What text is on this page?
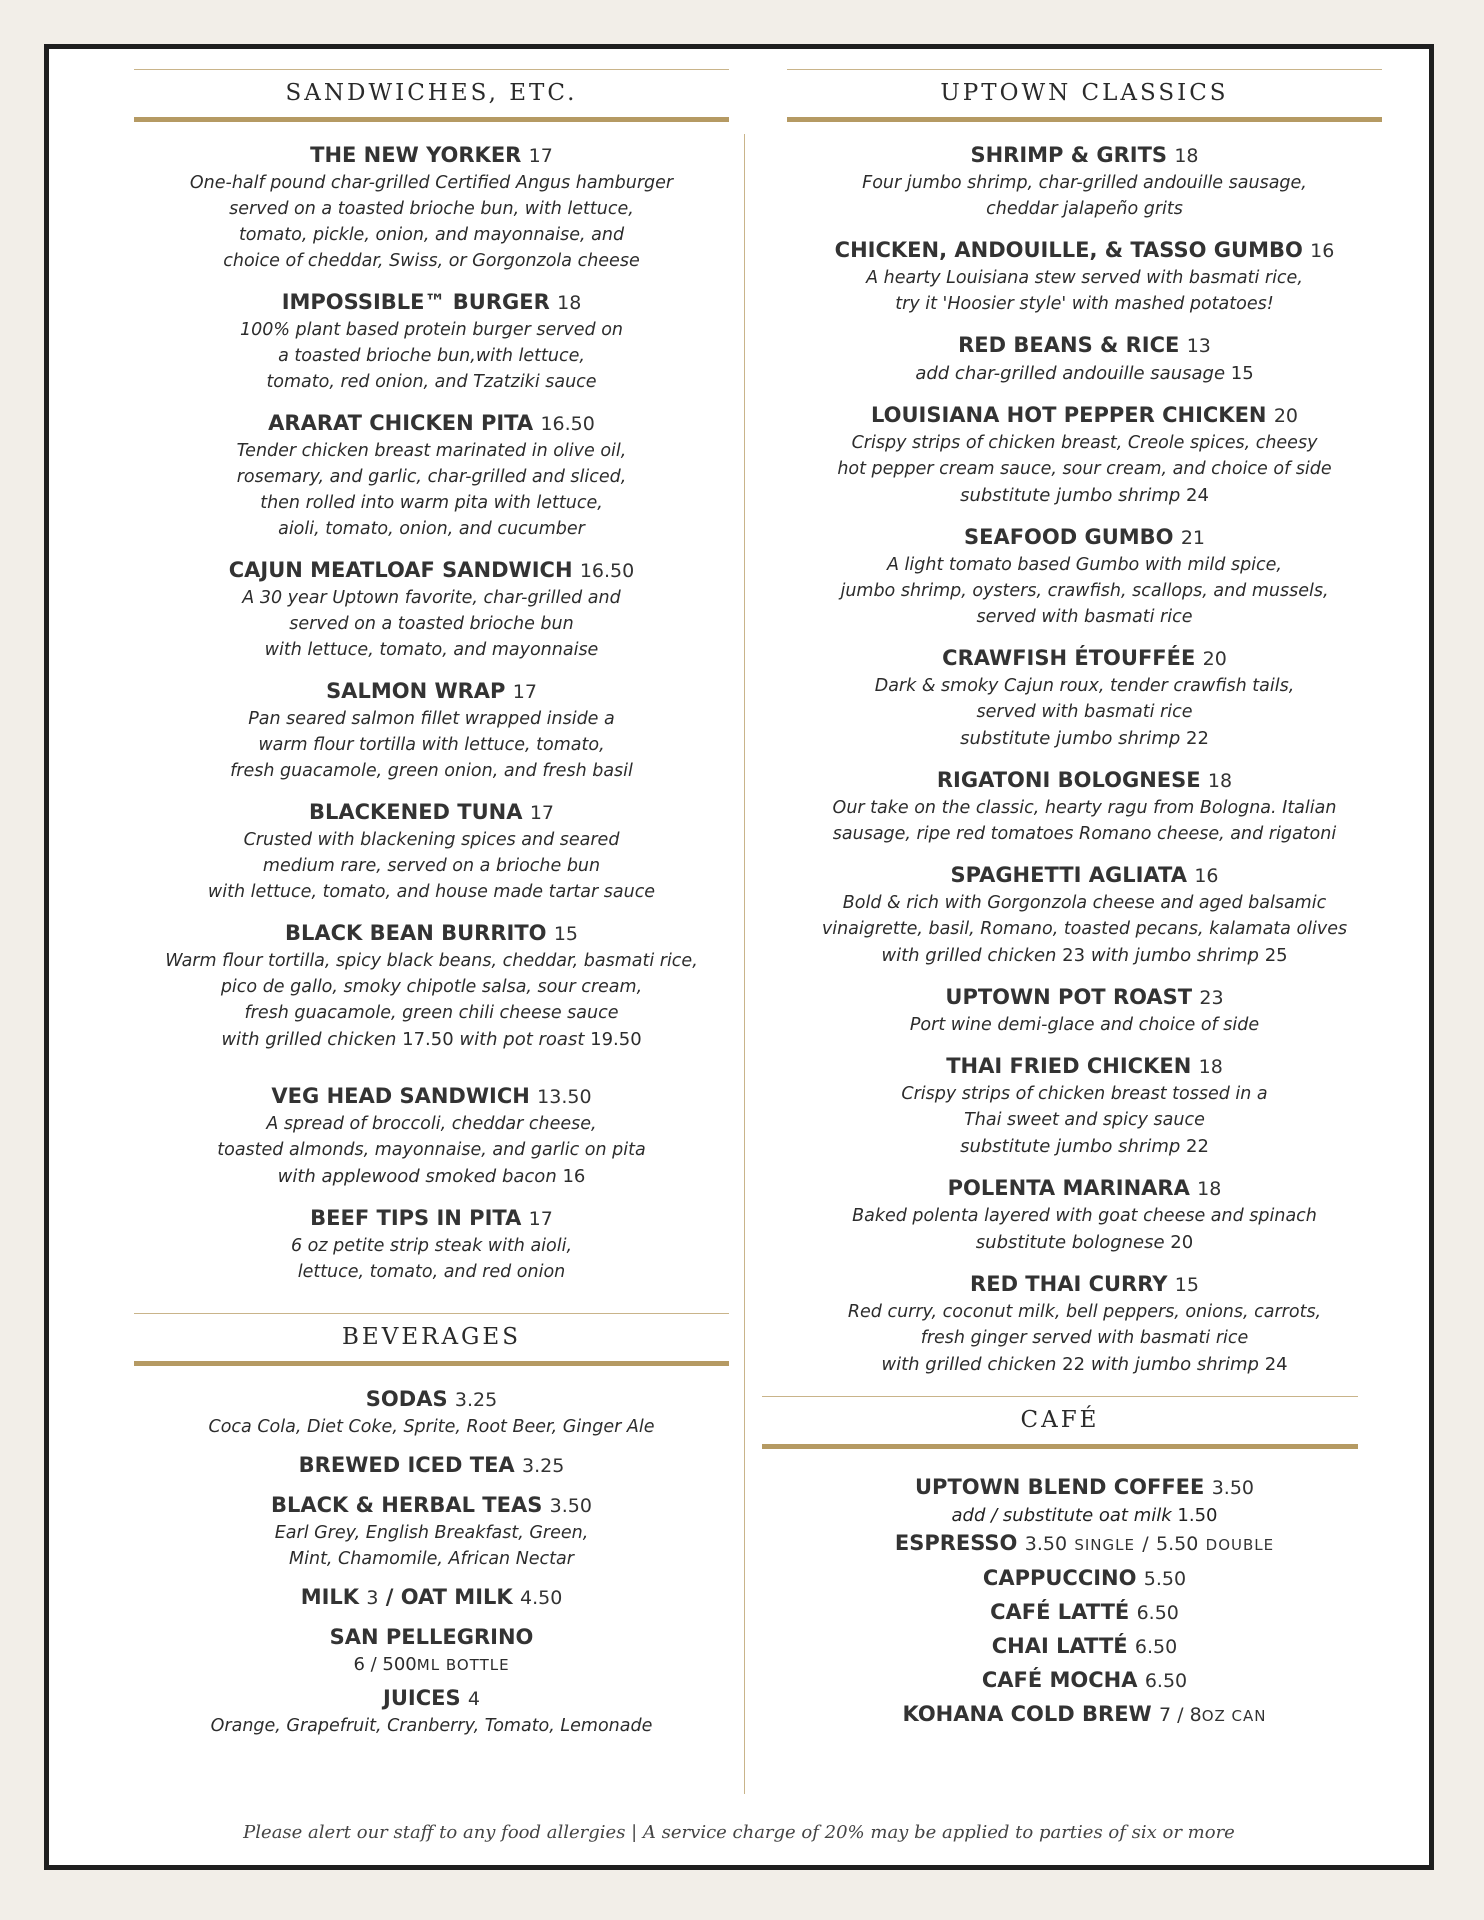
SANDWICHES, ETC.
THE NEW YORKER 17
One-half pound char-grilled Certified Angus hamburger
served on a toasted brioche bun, with lettuce,
tomato, pickle, onion, and mayonnaise, and
choice of cheddar, Swiss, or Gorgonzola cheese
IMPOSSIBLE™ BURGER 18
100% plant based protein burger served on
a toasted brioche bun,with lettuce,
tomato, red onion, and Tzatziki sauce
ARARAT CHICKEN PITA 16.50
Tender chicken breast marinated in olive oil,
rosemary, and garlic, char-grilled and sliced,
then rolled into warm pita with lettuce,
aioli, tomato, onion, and cucumber
CAJUN MEATLOAF SANDWICH 16.50
A 30 year Uptown favorite, char-grilled and
served on a toasted brioche bun
with lettuce, tomato, and mayonnaise
SALMON WRAP 17
Pan seared salmon fillet wrapped inside a
warm flour tortilla with lettuce, tomato,
fresh guacamole, green onion, and fresh basil
BLACKENED TUNA 17
Crusted with blackening spices and seared
medium rare, served on a brioche bun
with lettuce, tomato, and house made tartar sauce
BLACK BEAN BURRITO 15
Warm flour tortilla, spicy black beans, cheddar, basmati rice,
pico de gallo, smoky chipotle salsa, sour cream,
fresh guacamole, green chili cheese sauce
with grilled chicken 17.50 with pot roast 19.50
VEG HEAD SANDWICH 13.50
A spread of broccoli, cheddar cheese,
toasted almonds, mayonnaise, and garlic on pita
with applewood smoked bacon 16
BEEF TIPS IN PITA 17
6 oz petite strip steak with aioli,
lettuce, tomato, and red onion
BEVERAGES
SODAS 3.25
Coca Cola, Diet Coke, Sprite, Root Beer, Ginger Ale
BREWED ICED TEA 3.25
BLACK & HERBAL TEAS 3.50
Earl Grey, English Breakfast, Green,
Mint, Chamomile, African Nectar
MILK 3 / OAT MILK 4.50
SAN PELLEGRINO
6 / 500ML BOTTLE
JUICES 4
Orange, Grapefruit, Cranberry, Tomato, Lemonade
UPTOWN CLASSICS
SHRIMP & GRITS 18
Four jumbo shrimp, char-grilled andouille sausage,
cheddar jalapeño grits
CHICKEN, ANDOUILLE, & TASSO GUMBO 16
A hearty Louisiana stew served with basmati rice,
try it 'Hoosier style' with mashed potatoes!
RED BEANS & RICE 13
add char-grilled andouille sausage 15
LOUISIANA HOT PEPPER CHICKEN 20
Crispy strips of chicken breast, Creole spices, cheesy
hot pepper cream sauce, sour cream, and choice of side
substitute jumbo shrimp 24
SEAFOOD GUMBO 21
A light tomato based Gumbo with mild spice,
jumbo shrimp, oysters, crawfish, scallops, and mussels,
served with basmati rice
CRAWFISH ÉTOUFFÉE 20
Dark & smoky Cajun roux, tender crawfish tails,
served with basmati rice
substitute jumbo shrimp 22
RIGATONI BOLOGNESE 18
Our take on the classic, hearty ragu from Bologna. Italian
sausage, ripe red tomatoes Romano cheese, and rigatoni
SPAGHETTI AGLIATA 16
Bold & rich with Gorgonzola cheese and aged balsamic
vinaigrette, basil, Romano, toasted pecans, kalamata olives
with grilled chicken 23 with jumbo shrimp 25
UPTOWN POT ROAST 23
Port wine demi-glace and choice of side
THAI FRIED CHICKEN 18
Crispy strips of chicken breast tossed in a
Thai sweet and spicy sauce
substitute jumbo shrimp 22
POLENTA MARINARA 18
Baked polenta layered with goat cheese and spinach
substitute bolognese 20
RED THAI CURRY 15
Red curry, coconut milk, bell peppers, onions, carrots,
fresh ginger served with basmati rice
with grilled chicken 22 with jumbo shrimp 24
CAFÉ
UPTOWN BLEND COFFEE 3.50
add / substitute oat milk 1.50
ESPRESSO 3.50 SINGLE / 5.50 DOUBLE
CAPPUCCINO 5.50
CAFÉ LATTÉ 6.50
CHAI LATTÉ 6.50
CAFÉ MOCHA 6.50
KOHANA COLD BREW 7 / 8OZ CAN
Please alert our staff to any food allergies | A service charge of 20% may be applied to parties of six or more
